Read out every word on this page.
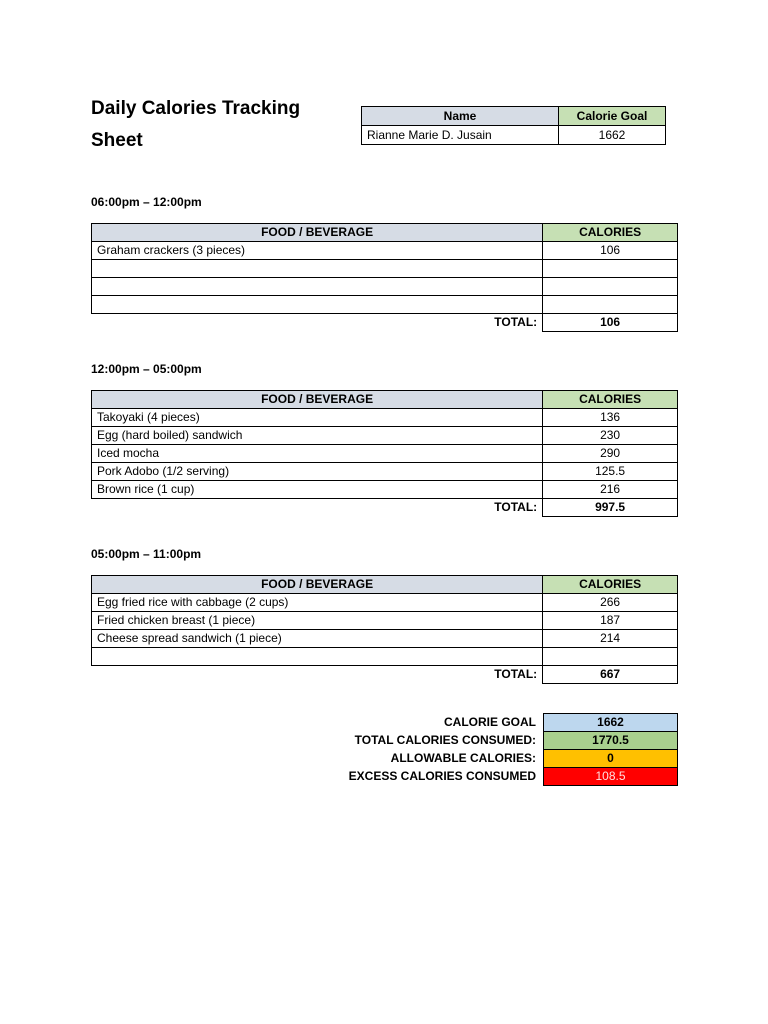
Daily Calories Tracking Sheet
Name	Calorie Goal
Rianne Marie D. Jusain	1662
06:00pm – 12:00pm
FOOD / BEVERAGE	CALORIES
Graham crackers (3 pieces)	106

TOTAL:	106
12:00pm – 05:00pm
FOOD / BEVERAGE	CALORIES
Takoyaki (4 pieces)	136
Egg (hard boiled) sandwich	230
Iced mocha	290
Pork Adobo (1/2 serving)	125.5
Brown rice (1 cup)	216
TOTAL:	997.5
05:00pm – 11:00pm
FOOD / BEVERAGE	CALORIES
Egg fried rice with cabbage (2 cups)	266
Fried chicken breast (1 piece)	187
Cheese spread sandwich (1 piece)	214

TOTAL:	667
CALORIE GOAL	1662
TOTAL CALORIES CONSUMED:	1770.5
ALLOWABLE CALORIES:	0
EXCESS CALORIES CONSUMED	108.5
